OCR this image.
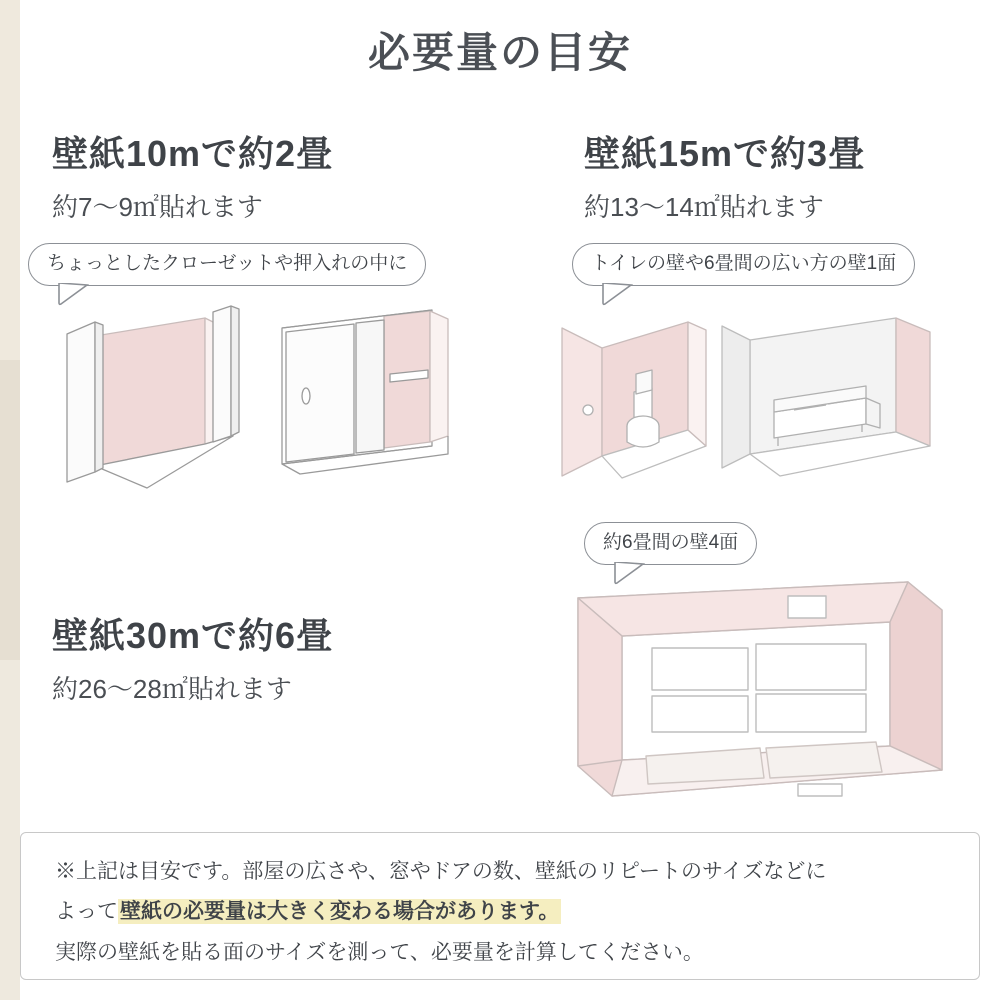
必要量の目安
壁紙10mで約2畳
約7〜9㎡貼れます
ちょっとしたクローゼットや押入れの中に
壁紙15mで約3畳
約13〜14㎡貼れます
トイレの壁や6畳間の広い方の壁1面
壁紙30mで約6畳
約26〜28㎡貼れます
約6畳間の壁4面

※上記は目安です。部屋の広さや、窓やドアの数、壁紙のリピートのサイズなどに

よって壁紙の必要量は大きく変わる場合があります。

実際の壁紙を貼る面のサイズを測って、必要量を計算してください。
